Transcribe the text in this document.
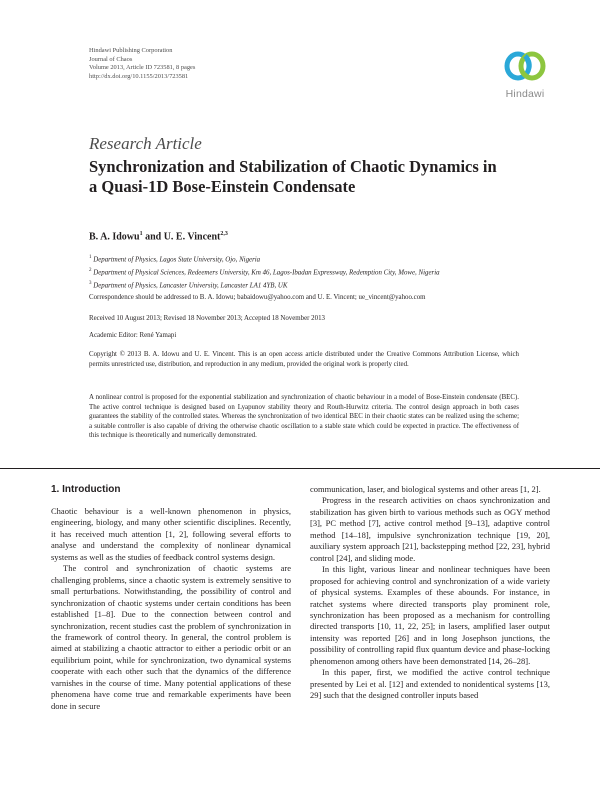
Hindawi Publishing Corporation
Journal of Chaos
Volume 2013, Article ID 723581, 8 pages
http://dx.doi.org/10.1155/2013/723581
Hindawi
Research Article
Synchronization and Stabilization of Chaotic Dynamics in a Quasi-1D Bose-Einstein Condensate
B. A. Idowu$^1$ and U. E. Vincent$^{2,3}$
$^1$ Department of Physics, Lagos State University, Ojo, Nigeria
$^2$ Department of Physical Sciences, Redeemers University, Km 46, Lagos-Ibadan Expressway, Redemption City, Mowe, Nigeria
$^3$ Department of Physics, Lancaster University, Lancaster LA1 4YB, UK
Correspondence should be addressed to B. A. Idowu; babaidowu@yahoo.com and U. E. Vincent; ue_vincent@yahoo.com
Received 10 August 2013; Revised 18 November 2013; Accepted 18 November 2013
Academic Editor: René Yamapi
Copyright © 2013 B. A. Idowu and U. E. Vincent. This is an open access article distributed under the Creative Commons Attribution License, which permits unrestricted use, distribution, and reproduction in any medium, provided the original work is properly cited.
A nonlinear control is proposed for the exponential stabilization and synchronization of chaotic behaviour in a model of Bose-Einstein condensate (BEC). The active control technique is designed based on Lyapunov stability theory and Routh-Hurwitz criteria. The control design approach in both cases guarantees the stability of the controlled states. Whereas the synchronization of two identical BEC in their chaotic states can be realized using the scheme; a suitable controller is also capable of driving the otherwise chaotic oscillation to a stable state which could be expected in practice. The effectiveness of this technique is theoretically and numerically demonstrated.
1. Introduction

Chaotic behaviour is a well-known phenomenon in physics, engineering, biology, and many other scientific disciplines. Recently, it has received much attention [1, 2], following several efforts to analyse and understand the complexity of nonlinear dynamical systems as well as the studies of feedback control systems design.

The control and synchronization of chaotic systems are challenging problems, since a chaotic system is extremely sensitive to small perturbations. Notwithstanding, the possibility of control and synchronization of chaotic systems under certain conditions has been established [1–8]. Due to the connection between control and synchronization, recent studies cast the problem of synchronization in the framework of control theory. In general, the control problem is aimed at stabilizing a chaotic attractor to either a periodic orbit or an equilibrium point, while for synchronization, two dynamical systems cooperate with each other such that the dynamics of the difference varnishes in the course of time. Many potential applications of these phenomena have come true and remarkable experiments have been done in secure

communication, laser, and biological systems and other areas [1, 2].

Progress in the research activities on chaos synchronization and stabilization has given birth to various methods such as OGY method [3], PC method [7], active control method [9–13], adaptive control method [14–18], impulsive synchronization technique [19, 20], auxiliary system approach [21], backstepping method [22, 23], hybrid control [24], and sliding mode.

In this light, various linear and nonlinear techniques have been proposed for achieving control and synchronization of a wide variety of physical systems. Examples of these abounds. For instance, in ratchet systems where directed transports play prominent role, synchronization has been proposed as a mechanism for controlling directed transports [10, 11, 22, 25]; in lasers, amplified laser output intensity was reported [26] and in long Josephson junctions, the possibility of controlling rapid flux quantum device and phase-locking phenomenon among others have been demonstrated [14, 26–28].

In this paper, first, we modified the active control technique presented by Lei et al. [12] and extended to nonidentical systems [13, 29] such that the designed controller inputs based
